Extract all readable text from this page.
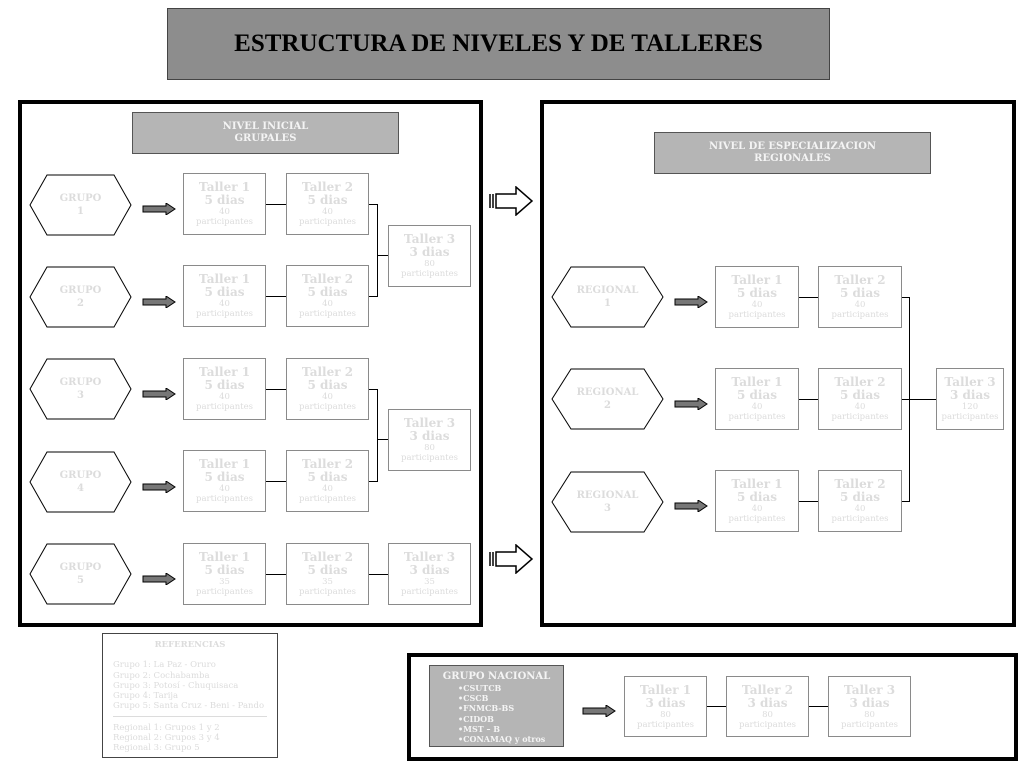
ESTRUCTURA DE NIVELES Y DE TALLERES
NIVEL INICIAL
GRUPALES
NIVEL DE ESPECIALIZACION
REGIONALES
GRUPO
1
GRUPO
2
GRUPO
3
GRUPO
4
GRUPO
5
Taller 1
5 dias
40
participantes
Taller 1
5 dias
40
participantes
Taller 1
5 dias
40
participantes
Taller 1
5 dias
40
participantes
Taller 1
5 dias
35
participantes
Taller 2
5 dias
40
participantes
Taller 2
5 dias
40
participantes
Taller 2
5 dias
40
participantes
Taller 2
5 dias
40
participantes
Taller 2
5 dias
35
participantes
Taller 3
3 dias
80
participantes
Taller 3
3 dias
80
participantes
Taller 3
3 dias
35
participantes
REGIONAL
1
REGIONAL
2
REGIONAL
3
Taller 1
5 dias
40
participantes
Taller 1
5 dias
40
participantes
Taller 1
5 dias
40
participantes
Taller 2
5 dias
40
participantes
Taller 2
5 dias
40
participantes
Taller 2
5 dias
40
participantes
Taller 3
3 dias
120
participantes
REFERENCIAS
Grupo 1: La Paz - Oruro
Grupo 2: Cochabamba
Grupo 3: Potosí - Chuquisaca
Grupo 4: Tarija
Grupo 5: Santa Cruz - Beni - Pando
Regional 1: Grupos 1 y 2
Regional 2: Grupos 3 y 4
Regional 3: Grupo 5
GRUPO NACIONAL
•CSUTCB
•CSCB
•FNMCB-BS
•CIDOB
•MST – B
•CONAMAQ y otros
Taller 1
3 dias
80
participantes
Taller 2
3 dias
80
participantes
Taller 3
3 dias
80
participantes
